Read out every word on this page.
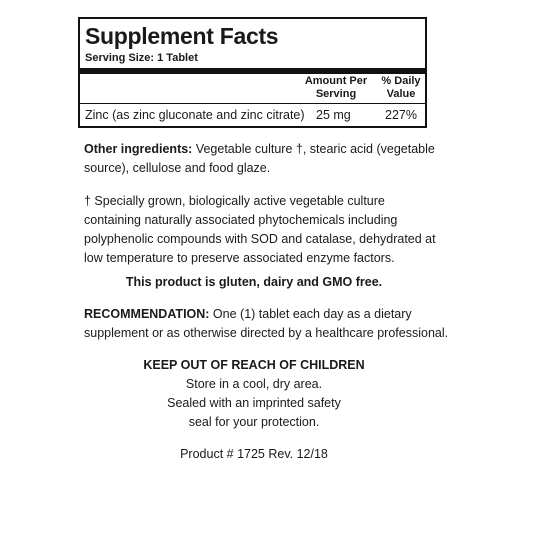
Supplement Facts
Serving Size: 1 Tablet
Amount Per
Serving
% Daily
Value
Zinc (as zinc gluconate and zinc citrate) 25 mg	227%

Other ingredients: Vegetable culture †, stearic acid (vegetable

source), cellulose and food glaze.

† Specially grown, biologically active vegetable culture

containing naturally associated phytochemicals including

polyphenolic compounds with SOD and catalase, dehydrated at

low temperature to preserve associated enzyme factors.

This product is gluten, dairy and GMO free.

RECOMMENDATION: One (1) tablet each day as a dietary

supplement or as otherwise directed by a healthcare professional.

KEEP OUT OF REACH OF CHILDREN

Store in a cool, dry area.

Sealed with an imprinted safety

seal for your protection.

Product # 1725 Rev. 12/18
